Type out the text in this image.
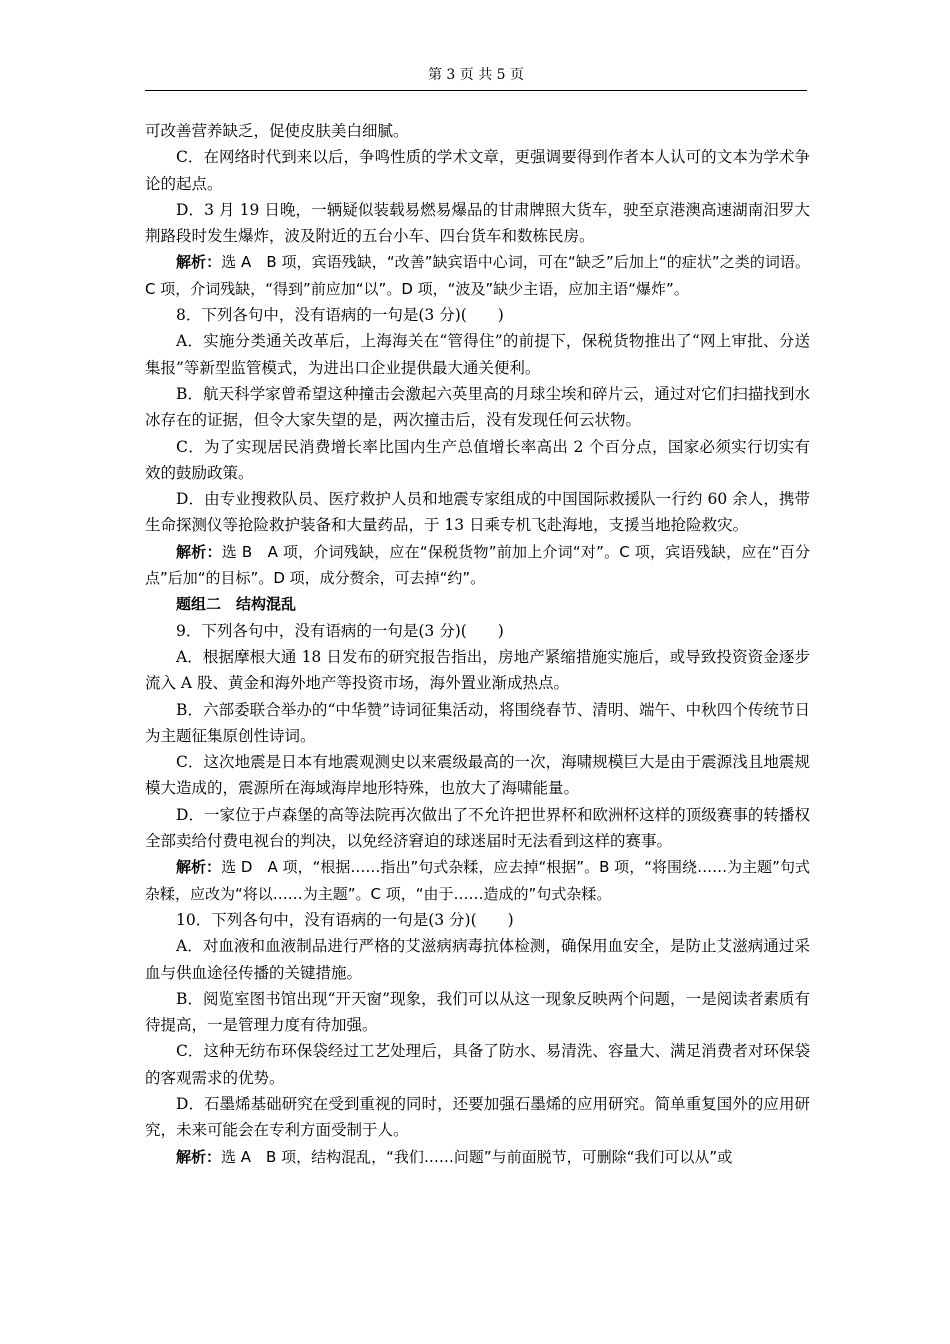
第 3 页 共 5 页

可改善营养缺乏，促使皮肤美白细腻。

C．在网络时代到来以后，争鸣性质的学术文章，更强调要得到作者本人认可的文本为学术争论的起点。

D．3 月 19 日晚，一辆疑似装载易燃易爆品的甘肃牌照大货车，驶至京港澳高速湖南汨罗大荆路段时发生爆炸，波及附近的五台小车、四台货车和数栋民房。

解析：选 A　B 项，宾语残缺，“改善”缺宾语中心词，可在“缺乏”后加上“的症状”之类的词语。C 项，介词残缺，“得到”前应加“以”。D 项，“波及”缺少主语，应加主语“爆炸”。

8．下列各句中，没有语病的一句是(3 分)(　　)

A．实施分类通关改革后，上海海关在“管得住”的前提下，保税货物推出了“网上审批、分送集报”等新型监管模式，为进出口企业提供最大通关便利。

B．航天科学家曾希望这种撞击会激起六英里高的月球尘埃和碎片云，通过对它们扫描找到水冰存在的证据，但令大家失望的是，两次撞击后，没有发现任何云状物。

C．为了实现居民消费增长率比国内生产总值增长率高出 2 个百分点，国家必须实行切实有效的鼓励政策。

D．由专业搜救队员、医疗救护人员和地震专家组成的中国国际救援队一行约 60 余人，携带生命探测仪等抢险救护装备和大量药品，于 13 日乘专机飞赴海地，支援当地抢险救灾。

解析：选 B　A 项，介词残缺，应在“保税货物”前加上介词“对”。C 项，宾语残缺，应在“百分点”后加“的目标”。D 项，成分赘余，可去掉“约”。

题组二　结构混乱

9．下列各句中，没有语病的一句是(3 分)(　　)

A．根据摩根大通 18 日发布的研究报告指出，房地产紧缩措施实施后，或导致投资资金逐步流入 A 股、黄金和海外地产等投资市场，海外置业渐成热点。

B．六部委联合举办的“中华赞”诗词征集活动，将围绕春节、清明、端午、中秋四个传统节日为主题征集原创性诗词。

C．这次地震是日本有地震观测史以来震级最高的一次，海啸规模巨大是由于震源浅且地震规模大造成的，震源所在海域海岸地形特殊，也放大了海啸能量。

D．一家位于卢森堡的高等法院再次做出了不允许把世界杯和欧洲杯这样的顶级赛事的转播权全部卖给付费电视台的判决，以免经济窘迫的球迷届时无法看到这样的赛事。

解析：选 D　A 项，“根据……指出”句式杂糅，应去掉“根据”。B 项，“将围绕……为主题”句式杂糅，应改为“将以……为主题”。C 项，“由于……造成的”句式杂糅。

10．下列各句中，没有语病的一句是(3 分)(　　)

A．对血液和血液制品进行严格的艾滋病病毒抗体检测，确保用血安全，是防止艾滋病通过采血与供血途径传播的关键措施。

B．阅览室图书馆出现“开天窗”现象，我们可以从这一现象反映两个问题，一是阅读者素质有待提高，一是管理力度有待加强。

C．这种无纺布环保袋经过工艺处理后，具备了防水、易清洗、容量大、满足消费者对环保袋的客观需求的优势。

D．石墨烯基础研究在受到重视的同时，还要加强石墨烯的应用研究。简单重复国外的应用研究，未来可能会在专利方面受制于人。

解析：选 A　B 项，结构混乱，“我们……问题”与前面脱节，可删除“我们可以从”或
